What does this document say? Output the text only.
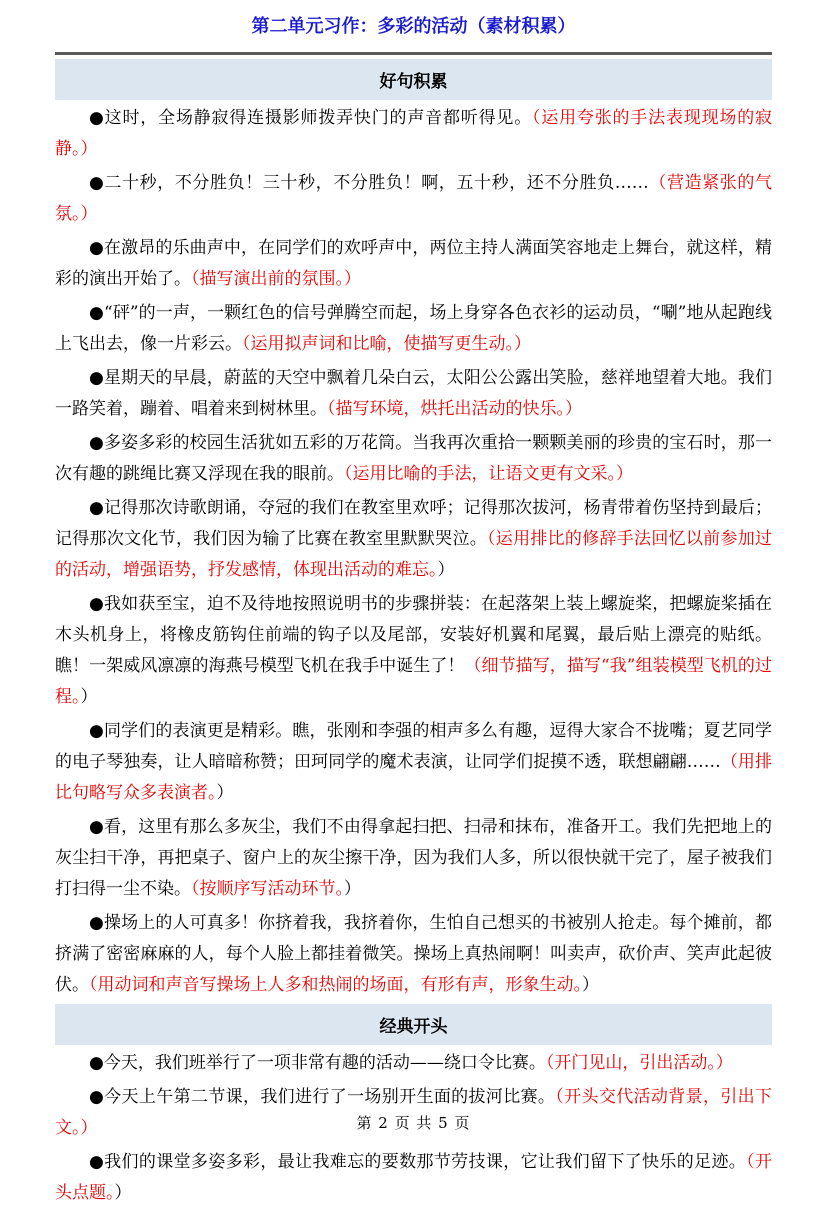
第二单元习作：多彩的活动（素材积累）
好句积累

●这时，全场静寂得连摄影师拨弄快门的声音都听得见。（运用夸张的手法表现现场的寂静。）

●二十秒，不分胜负！三十秒，不分胜负！啊，五十秒，还不分胜负……（营造紧张的气氛。）

●在激昂的乐曲声中，在同学们的欢呼声中，两位主持人满面笑容地走上舞台，就这样，精彩的演出开始了。（描写演出前的氛围。）

●“砰”的一声，一颗红色的信号弹腾空而起，场上身穿各色衣衫的运动员，“唰”地从起跑线上飞出去，像一片彩云。（运用拟声词和比喻，使描写更生动。）

●星期天的早晨，蔚蓝的天空中飘着几朵白云，太阳公公露出笑脸，慈祥地望着大地。我们一路笑着，蹦着、唱着来到树林里。（描写环境，烘托出活动的快乐。）

●多姿多彩的校园生活犹如五彩的万花筒。当我再次重拾一颗颗美丽的珍贵的宝石时，那一次有趣的跳绳比赛又浮现在我的眼前。（运用比喻的手法，让语文更有文采。）

●记得那次诗歌朗诵，夺冠的我们在教室里欢呼；记得那次拔河，杨青带着伤坚持到最后；记得那次文化节，我们因为输了比赛在教室里默默哭泣。（运用排比的修辞手法回忆以前参加过的活动，增强语势，抒发感情，体现出活动的难忘。）

●我如获至宝，迫不及待地按照说明书的步骤拼装：在起落架上装上螺旋桨，把螺旋桨插在木头机身上，将橡皮筋钩住前端的钩子以及尾部，安装好机翼和尾翼，最后贴上漂亮的贴纸。瞧！一架威风凛凛的海燕号模型飞机在我手中诞生了！（细节描写，描写“我”组装模型飞机的过程。）

●同学们的表演更是精彩。瞧，张刚和李强的相声多么有趣，逗得大家合不拢嘴；夏艺同学的电子琴独奏，让人暗暗称赞；田珂同学的魔术表演，让同学们捉摸不透，联想翩翩……（用排比句略写众多表演者。）

●看，这里有那么多灰尘，我们不由得拿起扫把、扫帚和抹布，准备开工。我们先把地上的灰尘扫干净，再把桌子、窗户上的灰尘擦干净，因为我们人多，所以很快就干完了，屋子被我们打扫得一尘不染。（按顺序写活动环节。）

●操场上的人可真多！你挤着我，我挤着你，生怕自己想买的书被别人抢走。每个摊前，都挤满了密密麻麻的人，每个人脸上都挂着微笑。操场上真热闹啊！叫卖声，砍价声、笑声此起彼伏。（用动词和声音写操场上人多和热闹的场面，有形有声，形象生动。）

经典开头

●今天，我们班举行了一项非常有趣的活动——绕口令比赛。（开门见山，引出活动。）

●今天上午第二节课，我们进行了一场别开生面的拔河比赛。（开头交代活动背景，引出下文。）

●我们的课堂多姿多彩，最让我难忘的要数那节劳技课，它让我们留下了快乐的足迹。（开头点题。）

第 2 页 共 5 页
